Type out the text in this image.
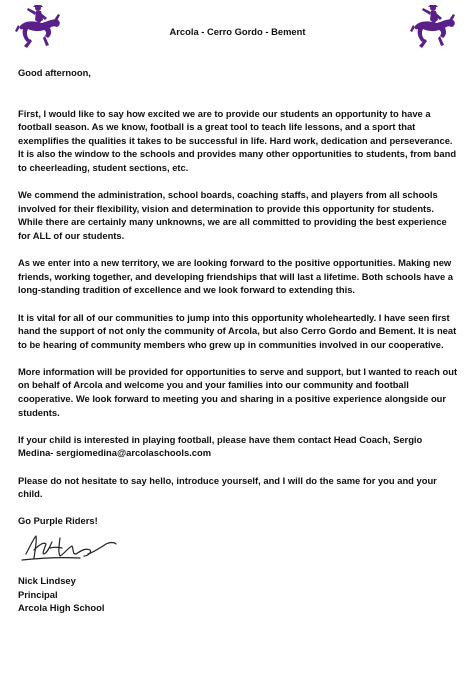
Arcola - Cerro Gordo - Bement

Good afternoon,

First, I would like to say how excited we are to provide our students an opportunity to have a football season. As we know, football is a great tool to teach life lessons, and a sport that exemplifies the qualities it takes to be successful in life. Hard work, dedication and perseverance. It is also the window to the schools and provides many other opportunities to students, from band to cheerleading, student sections, etc.

We commend the administration, school boards, coaching staffs, and players from all schools involved for their flexibility, vision and determination to provide this opportunity for students. While there are certainly many unknowns, we are all committed to providing the best experience for ALL of our students.

As we enter into a new territory, we are looking forward to the positive opportunities. Making new friends, working together, and developing friendships that will last a lifetime. Both schools have a long-standing tradition of excellence and we look forward to extending this.

It is vital for all of our communities to jump into this opportunity wholeheartedly. I have seen first hand the support of not only the community of Arcola, but also Cerro Gordo and Bement. It is neat to be hearing of community members who grew up in communities involved in our cooperative.

More information will be provided for opportunities to serve and support, but I wanted to reach out on behalf of Arcola and welcome you and your families into our community and football cooperative. We look forward to meeting you and sharing in a positive experience alongside our students.

If your child is interested in playing football, please have them contact Head Coach, Sergio Medina- sergiomedina@arcolaschools.com

Please do not hesitate to say hello, introduce yourself, and I will do the same for you and your child.

Go Purple Riders!

Nick Lindsey
Principal
Arcola High School
